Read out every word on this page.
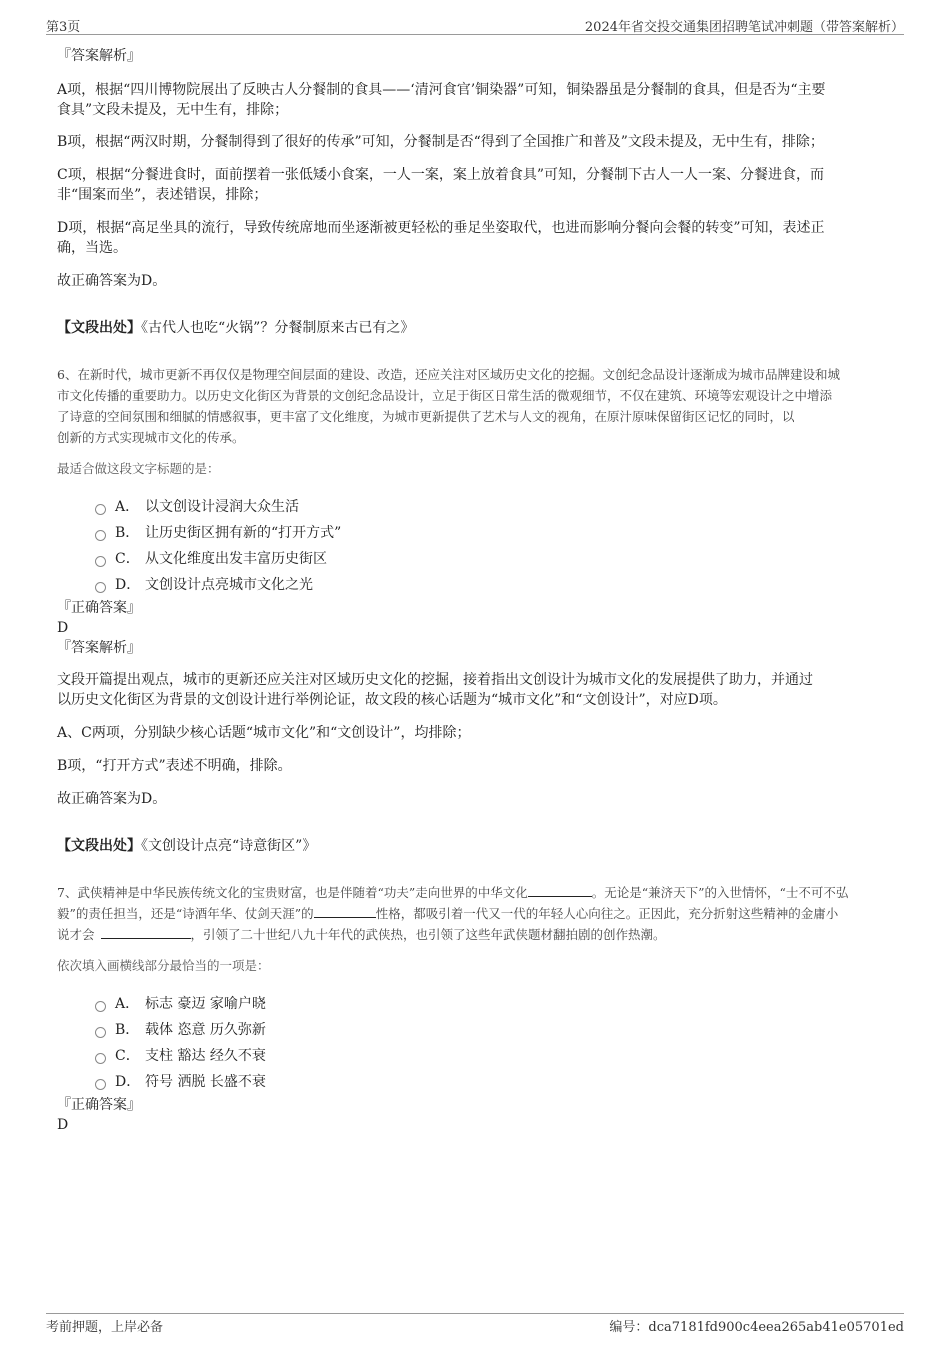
第3页	2024年省交投交通集团招聘笔试冲刺题（带答案解析）
『答案解析』

A项，根据“四川博物院展出了反映古人分餐制的食具——‘清河食官’铜染器”可知，铜染器虽是分餐制的食具，但是否为“主要

食具”文段未提及，无中生有，排除；

B项，根据“两汉时期，分餐制得到了很好的传承”可知，分餐制是否“得到了全国推广和普及”文段未提及，无中生有，排除；

C项，根据“分餐进食时，面前摆着一张低矮小食案，一人一案，案上放着食具”可知，分餐制下古人一人一案、分餐进食，而

非“围案而坐”，表述错误，排除；

D项，根据“高足坐具的流行，导致传统席地而坐逐渐被更轻松的垂足坐姿取代，也进而影响分餐向会餐的转变”可知，表述正

确，当选。

故正确答案为D。

【文段出处】《古代人也吃“火锅”？分餐制原来古已有之》

6、在新时代，城市更新不再仅仅是物理空间层面的建设、改造，还应关注对区域历史文化的挖掘。文创纪念品设计逐渐成为城市品牌建设和城

市文化传播的重要助力。以历史文化街区为背景的文创纪念品设计，立足于街区日常生活的微观细节，不仅在建筑、环境等宏观设计之中增添

了诗意的空间氛围和细腻的情感叙事，更丰富了文化维度，为城市更新提供了艺术与人文的视角，在原汁原味保留街区记忆的同时，以

创新的方式实现城市文化的传承。

最适合做这段文字标题的是：
A． 以文创设计浸润大众生活
B． 让历史街区拥有新的“打开方式”
C． 从文化维度出发丰富历史街区
D． 文创设计点亮城市文化之光
『正确答案』
D
『答案解析』

文段开篇提出观点，城市的更新还应关注对区域历史文化的挖掘，接着指出文创设计为城市文化的发展提供了助力，并通过

以历史文化街区为背景的文创设计进行举例论证，故文段的核心话题为“城市文化”和“文创设计”，对应D项。

A、C两项，分别缺少核心话题“城市文化”和“文创设计”，均排除；

B项，“打开方式”表述不明确，排除。

故正确答案为D。

【文段出处】《文创设计点亮“诗意街区”》

7、武侠精神是中华民族传统文化的宝贵财富，也是伴随着“功夫”走向世界的中华文化	。无论是“兼济天下”的入世情怀，“士不可不弘

毅”的责任担当，还是“诗酒年华、仗剑天涯”的	性格，都吸引着一代又一代的年轻人心向往之。正因此，充分折射这些精神的金庸小

说才会	，引领了二十世纪八九十年代的武侠热，也引领了这些年武侠题材翻拍剧的创作热潮。

依次填入画横线部分最恰当的一项是：
A． 标志 豪迈 家喻户晓
B． 载体 恣意 历久弥新
C． 支柱 豁达 经久不衰
D． 符号 洒脱 长盛不衰
『正确答案』
D
考前押题，上岸必备	编号：dca7181fd900c4eea265ab41e05701ed
